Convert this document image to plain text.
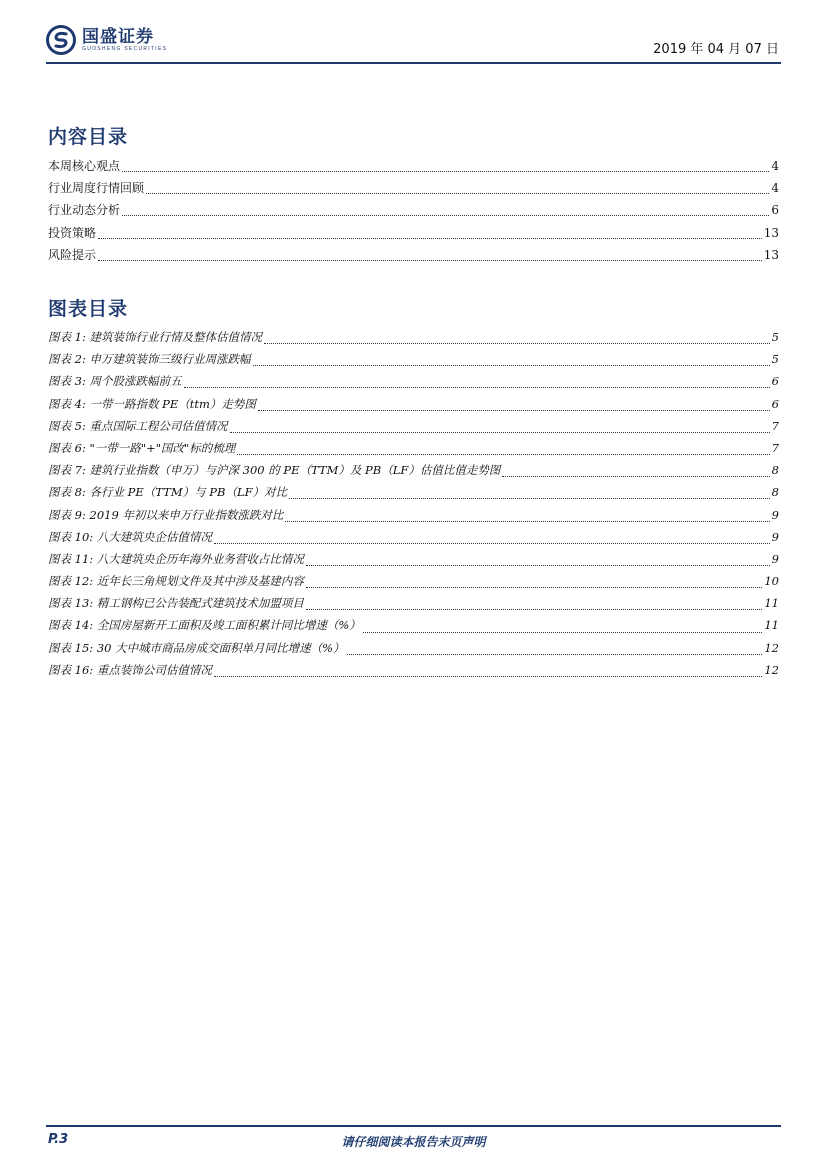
国盛证券
GUOSHENG SECURITIES	2019 年 04 月 07 日
内容目录
本周核心观点	4
行业周度行情回顾	4
行业动态分析	6
投资策略	13
风险提示	13
图表目录
图表 1: 建筑装饰行业行情及整体估值情况	5
图表 2: 申万建筑装饰三级行业周涨跌幅	5
图表 3: 周个股涨跌幅前五	6
图表 4: 一带一路指数 PE（ttm）走势图	6
图表 5: 重点国际工程公司估值情况	7
图表 6: "一带一路"+"国改"标的梳理	7
图表 7: 建筑行业指数（申万）与沪深 300 的 PE（TTM）及 PB（LF）估值比值走势图	8
图表 8: 各行业 PE（TTM）与 PB（LF）对比	8
图表 9: 2019 年初以来申万行业指数涨跌对比	9
图表 10: 八大建筑央企估值情况	9
图表 11: 八大建筑央企历年海外业务营收占比情况	9
图表 12: 近年长三角规划文件及其中涉及基建内容	10
图表 13: 精工钢构已公告装配式建筑技术加盟项目	11
图表 14: 全国房屋新开工面积及竣工面积累计同比增速（%）	11
图表 15: 30 大中城市商品房成交面积单月同比增速（%）	12
图表 16: 重点装饰公司估值情况	12
P.3	请仔细阅读本报告末页声明
